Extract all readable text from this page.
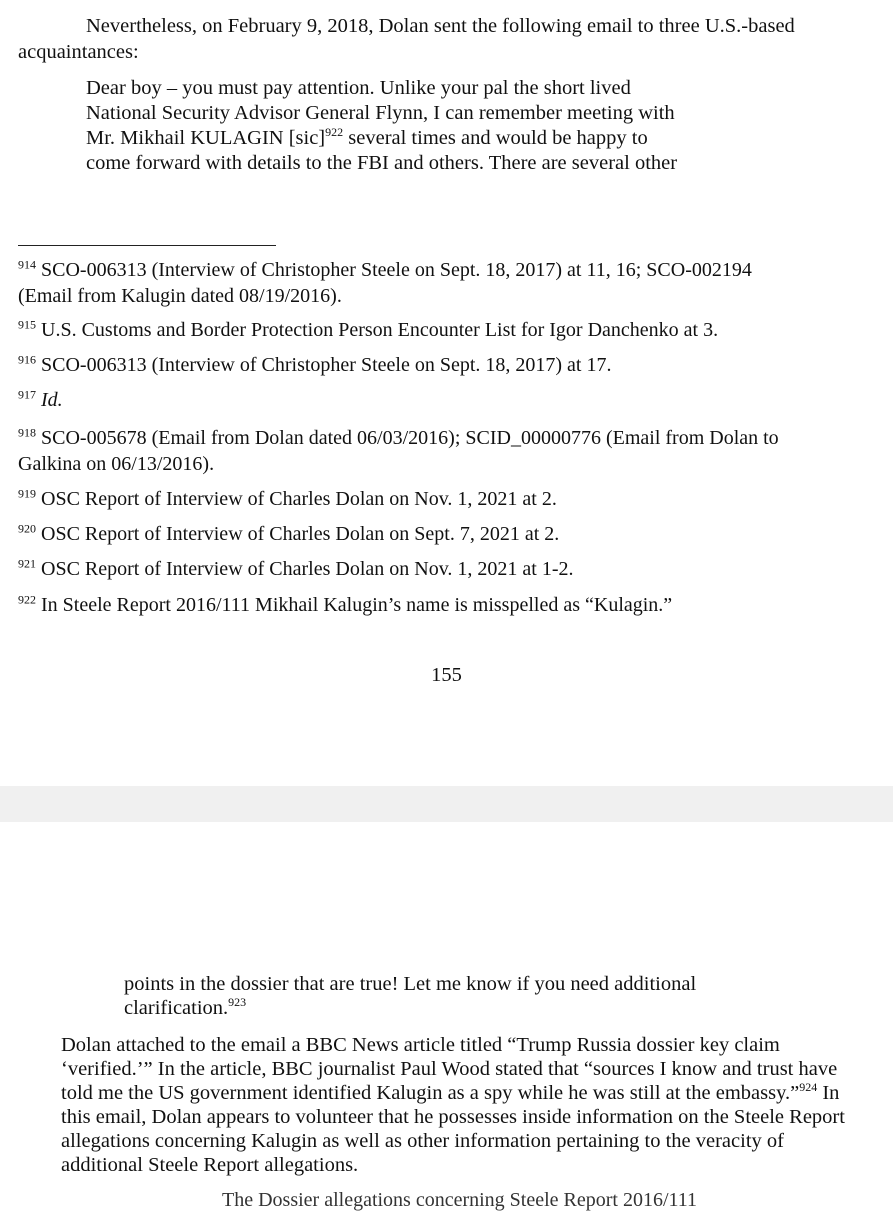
Nevertheless, on February 9, 2018, Dolan sent the following email to three U.S.-based
acquaintances:
Dear boy – you must pay attention. Unlike your pal the short lived
National Security Advisor General Flynn, I can remember meeting with
Mr. Mikhail KULAGIN [sic]$^{922}$ several times and would be happy to
come forward with details to the FBI and others. There are several other
$^{914}$ SCO-006313 (Interview of Christopher Steele on Sept. 18, 2017) at 11, 16; SCO-002194
(Email from Kalugin dated 08/19/2016).
$^{915}$ U.S. Customs and Border Protection Person Encounter List for Igor Danchenko at 3.
$^{916}$ SCO-006313 (Interview of Christopher Steele on Sept. 18, 2017) at 17.
$^{917}$ Id.
$^{918}$ SCO-005678 (Email from Dolan dated 06/03/2016); SCID_00000776 (Email from Dolan to
Galkina on 06/13/2016).
$^{919}$ OSC Report of Interview of Charles Dolan on Nov. 1, 2021 at 2.
$^{920}$ OSC Report of Interview of Charles Dolan on Sept. 7, 2021 at 2.
$^{921}$ OSC Report of Interview of Charles Dolan on Nov. 1, 2021 at 1-2.
$^{922}$ In Steele Report 2016/111 Mikhail Kalugin’s name is misspelled as “Kulagin.”
155
points in the dossier that are true! Let me know if you need additional
clarification.$^{923}$
Dolan attached to the email a BBC News article titled “Trump Russia dossier key claim
‘verified.’” In the article, BBC journalist Paul Wood stated that “sources I know and trust have
told me the US government identified Kalugin as a spy while he was still at the embassy.”$^{924}$ In
this email, Dolan appears to volunteer that he possesses inside information on the Steele Report
allegations concerning Kalugin as well as other information pertaining to the veracity of
additional Steele Report allegations.
The Dossier allegations concerning Steele Report 2016/111
